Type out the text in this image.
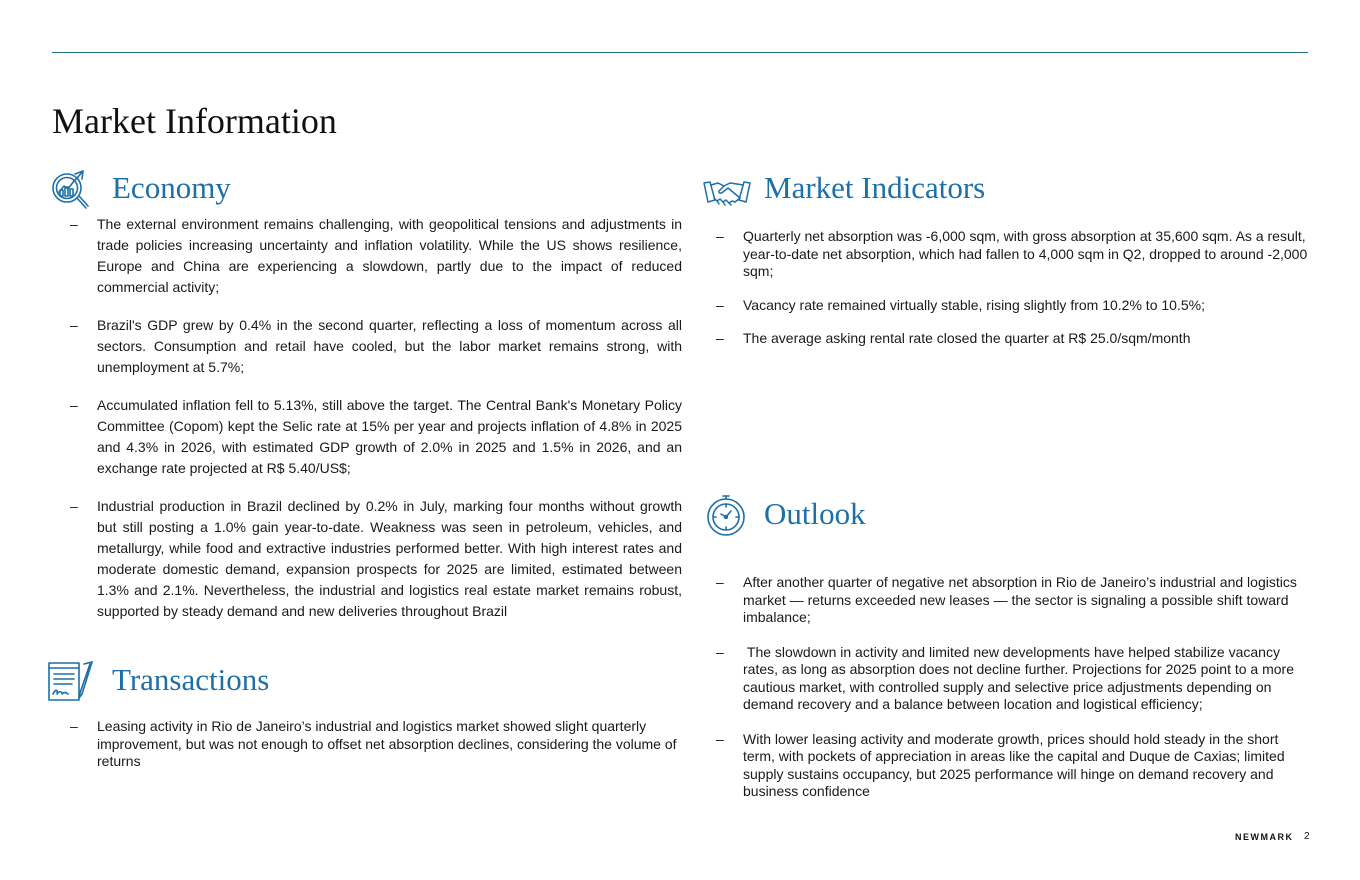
Market Information
Economy
– The external environment remains challenging, with geopolitical tensions and adjustments in trade policies increasing uncertainty and inflation volatility. While the US shows resilience, Europe and China are experiencing a slowdown, partly due to the impact of reduced commercial activity;
– Brazil's GDP grew by 0.4% in the second quarter, reflecting a loss of momentum across all sectors. Consumption and retail have cooled, but the labor market remains strong, with unemployment at 5.7%;
– Accumulated inflation fell to 5.13%, still above the target. The Central Bank's Monetary Policy Committee (Copom) kept the Selic rate at 15% per year and projects inflation of 4.8% in 2025 and 4.3% in 2026, with estimated GDP growth of 2.0% in 2025 and 1.5% in 2026, and an exchange rate projected at R$ 5.40/US$;
– Industrial production in Brazil declined by 0.2% in July, marking four months without growth but still posting a 1.0% gain year-to-date. Weakness was seen in petroleum, vehicles, and metallurgy, while food and extractive industries performed better. With high interest rates and moderate domestic demand, expansion prospects for 2025 are limited, estimated between 1.3% and 2.1%. Nevertheless, the industrial and logistics real estate market remains robust, supported by steady demand and new deliveries throughout Brazil
Transactions
– Leasing activity in Rio de Janeiro’s industrial and logistics market showed slight quarterly improvement, but was not enough to offset net absorption declines, considering the volume of returns
Market Indicators
– Quarterly net absorption was -6,000 sqm, with gross absorption at 35,600 sqm. As a result, year-to-date net absorption, which had fallen to 4,000 sqm in Q2, dropped to around -2,000 sqm;
– Vacancy rate remained virtually stable, rising slightly from 10.2% to 10.5%;
– The average asking rental rate closed the quarter at R$ 25.0/sqm/month
Outlook
– After another quarter of negative net absorption in Rio de Janeiro’s industrial and logistics market — returns exceeded new leases — the sector is signaling a possible shift toward imbalance;
– The slowdown in activity and limited new developments have helped stabilize vacancy rates, as long as absorption does not decline further. Projections for 2025 point to a more cautious market, with controlled supply and selective price adjustments depending on demand recovery and a balance between location and logistical efficiency;
– With lower leasing activity and moderate growth, prices should hold steady in the short term, with pockets of appreciation in areas like the capital and Duque de Caxias; limited supply sustains occupancy, but 2025 performance will hinge on demand recovery and business confidence
NEWMARK 2
